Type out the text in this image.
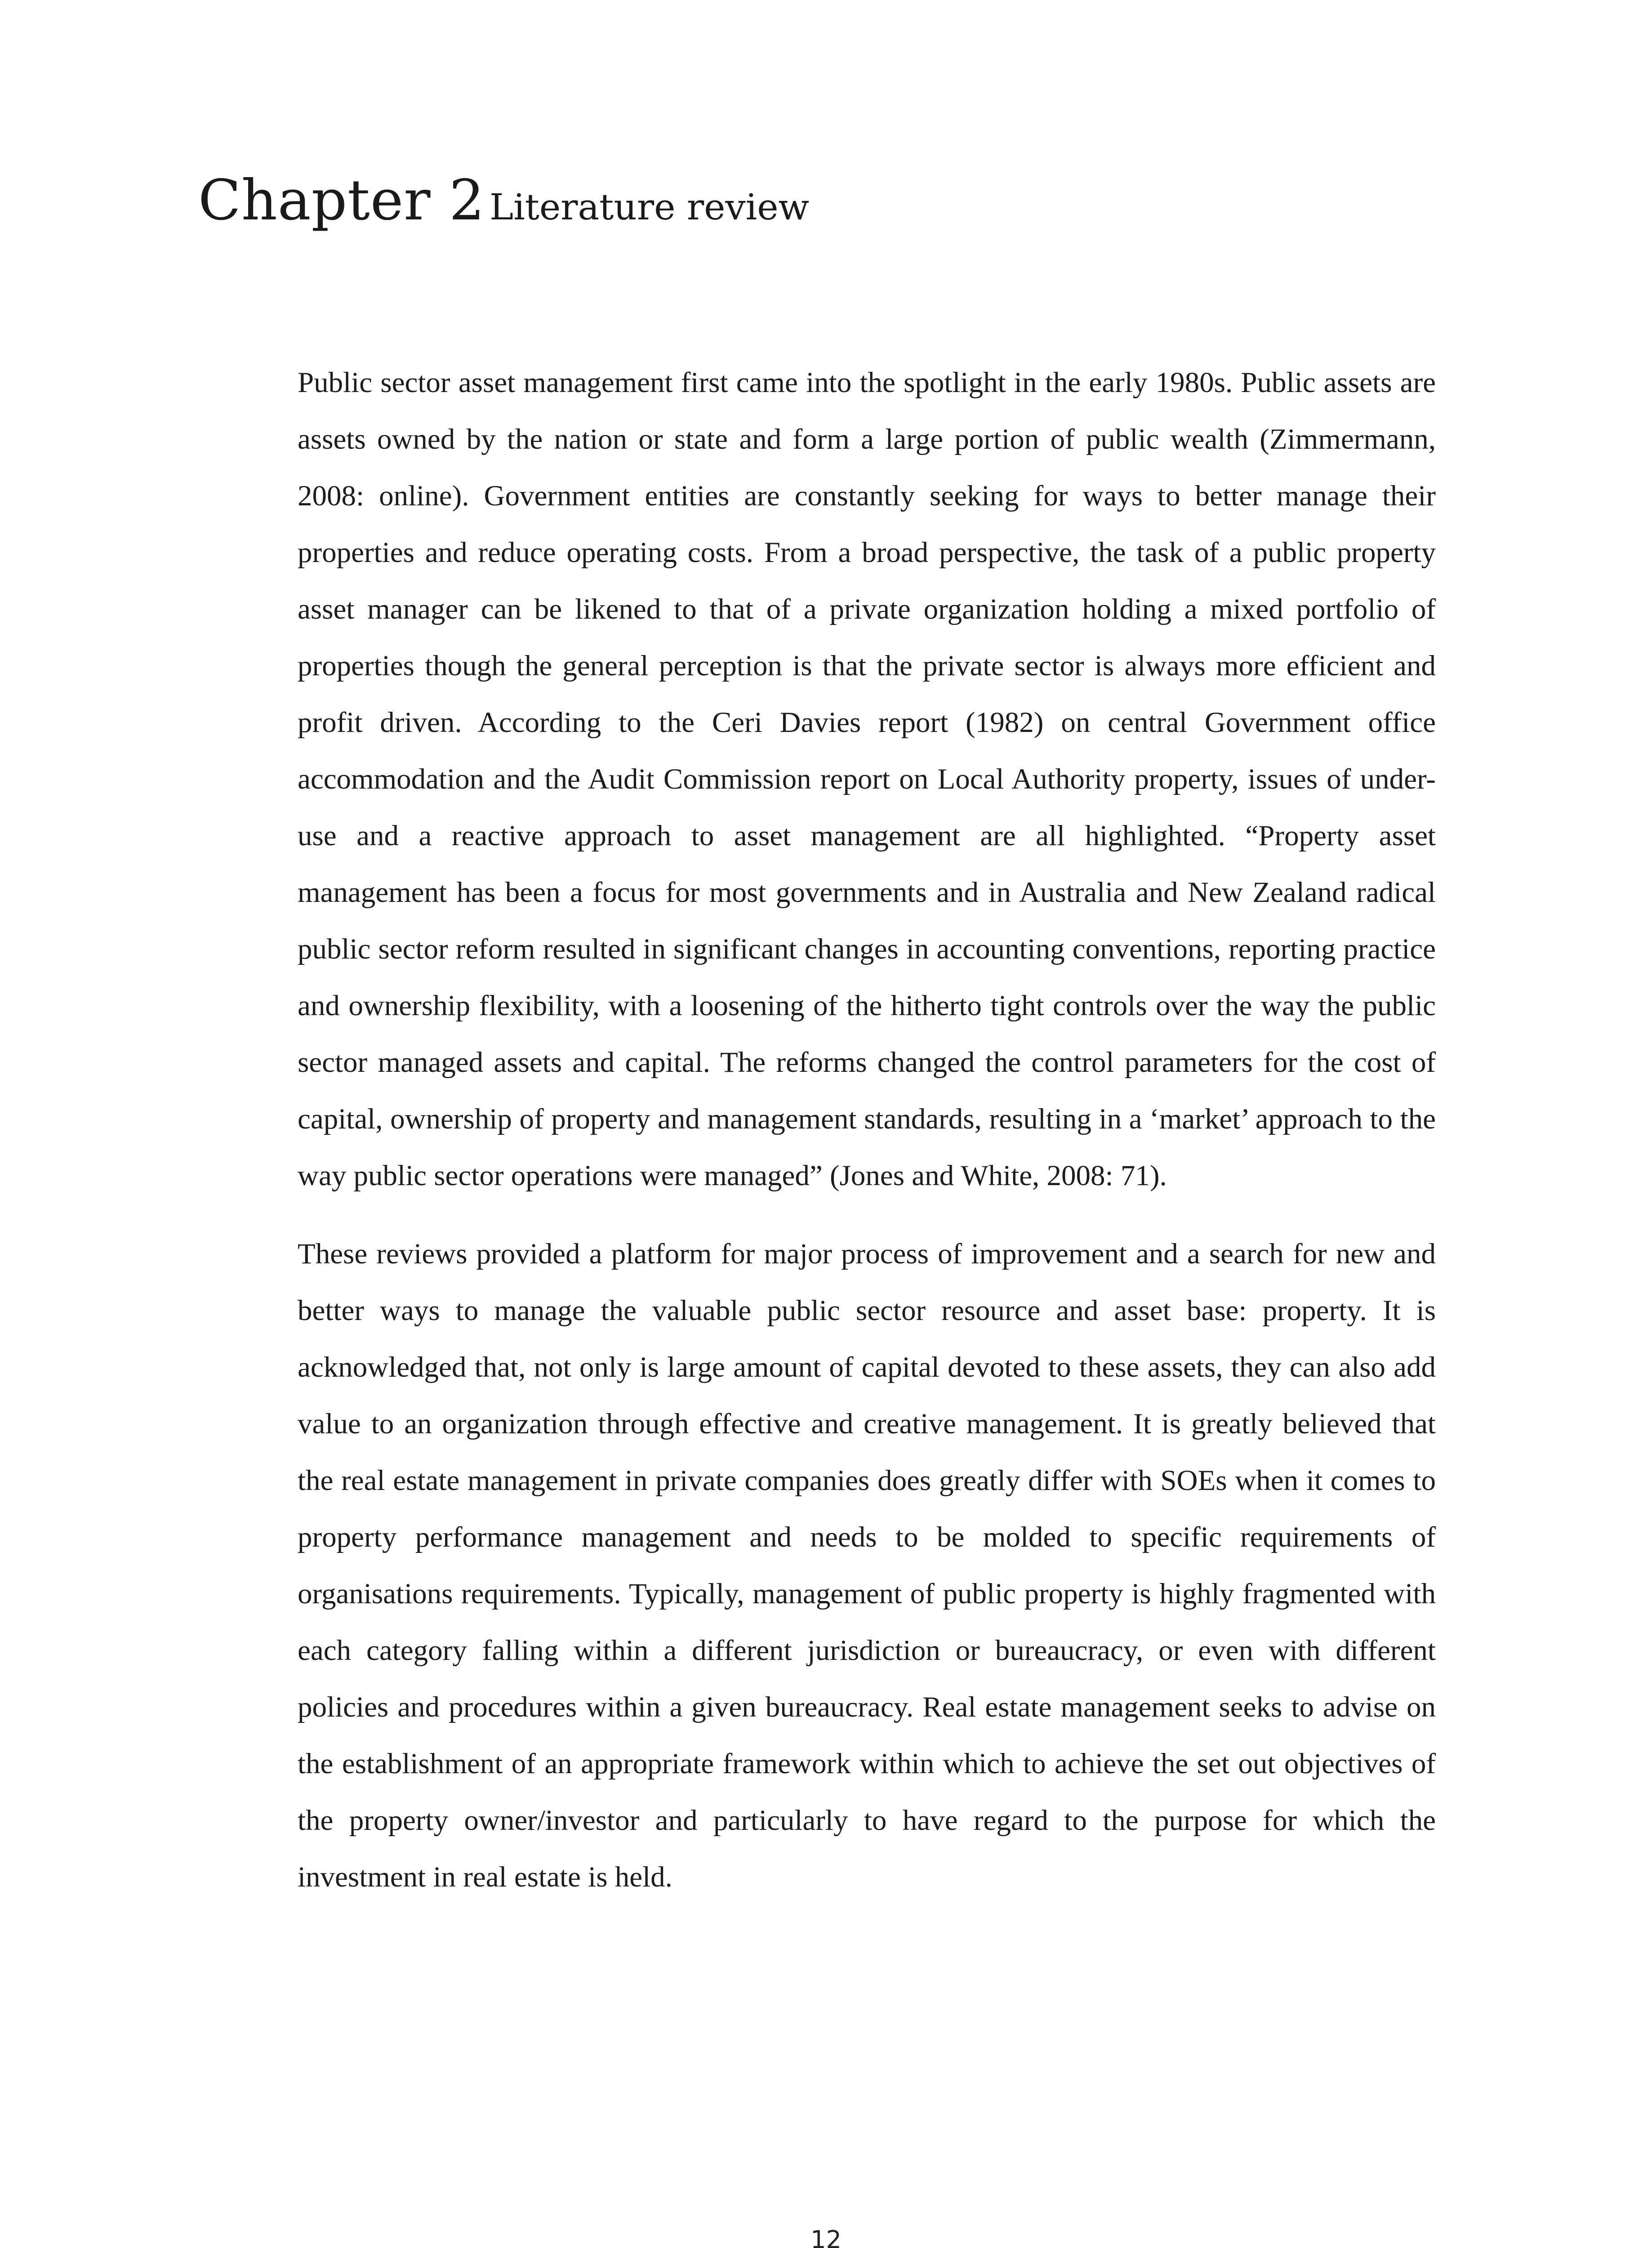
Chapter 2 Literature review

Public sector asset management first came into the spotlight in the early 1980s. Public assets are assets owned by the nation or state and form a large portion of public wealth (Zimmermann, 2008: online). Government entities are constantly seeking for ways to better manage their properties and reduce operating costs. From a broad perspective, the task of a public property asset manager can be likened to that of a private organization holding a mixed portfolio of properties though the general perception is that the private sector is always more efficient and profit driven. According to the Ceri Davies report (1982) on central Government office accommodation and the Audit Commission report on Local Authority property, issues of under-use and a reactive approach to asset management are all highlighted. “Property asset management has been a focus for most governments and in Australia and New Zealand radical public sector reform resulted in significant changes in accounting conventions, reporting practice and ownership flexibility, with a loosening of the hitherto tight controls over the way the public sector managed assets and capital. The reforms changed the control parameters for the cost of capital, ownership of property and management standards, resulting in a ‘market’ approach to the way public sector operations were managed” (Jones and White, 2008: 71).

These reviews provided a platform for major process of improvement and a search for new and better ways to manage the valuable public sector resource and asset base: property. It is acknowledged that, not only is large amount of capital devoted to these assets, they can also add value to an organization through effective and creative management. It is greatly believed that the real estate management in private companies does greatly differ with SOEs when it comes to property performance management and needs to be molded to specific requirements of organisations requirements. Typically, management of public property is highly fragmented with each category falling within a different jurisdiction or bureaucracy, or even with different policies and procedures within a given bureaucracy. Real estate management seeks to advise on the establishment of an appropriate framework within which to achieve the set out objectives of the property owner/investor and particularly to have regard to the purpose for which the investment in real estate is held.

12
